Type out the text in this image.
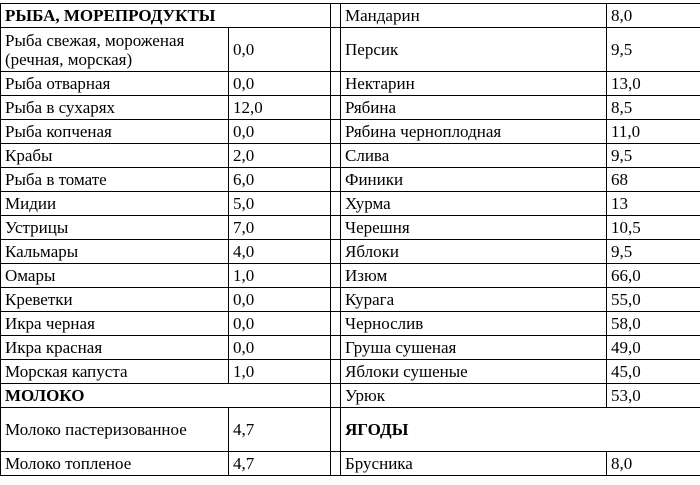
РЫБА, МОРЕПРОДУКТЫ			Мандарин	8,0
Рыба свежая, мороженая (речная, морская)	0,0		Персик	9,5
Рыба отварная	0,0		Нектарин	13,0
Рыба в сухарях	12,0		Рябина	8,5
Рыба копченая	0,0		Рябина черноплодная	11,0
Крабы	2,0		Слива	9,5
Рыба в томате	6,0		Финики	68
Мидии	5,0		Хурма	13
Устрицы	7,0		Черешня	10,5
Кальмары	4,0		Яблоки	9,5
Омары	1,0		Изюм	66,0
Креветки	0,0		Курага	55,0
Икра черная	0,0		Чернослив	58,0
Икра красная	0,0		Груша сушеная	49,0
Морская капуста	1,0		Яблоки сушеные	45,0
МОЛОКО			Урюк	53,0
Молоко пастеризованное	4,7		ЯГОДЫ	
Молоко топленое	4,7		Брусника	8,0
